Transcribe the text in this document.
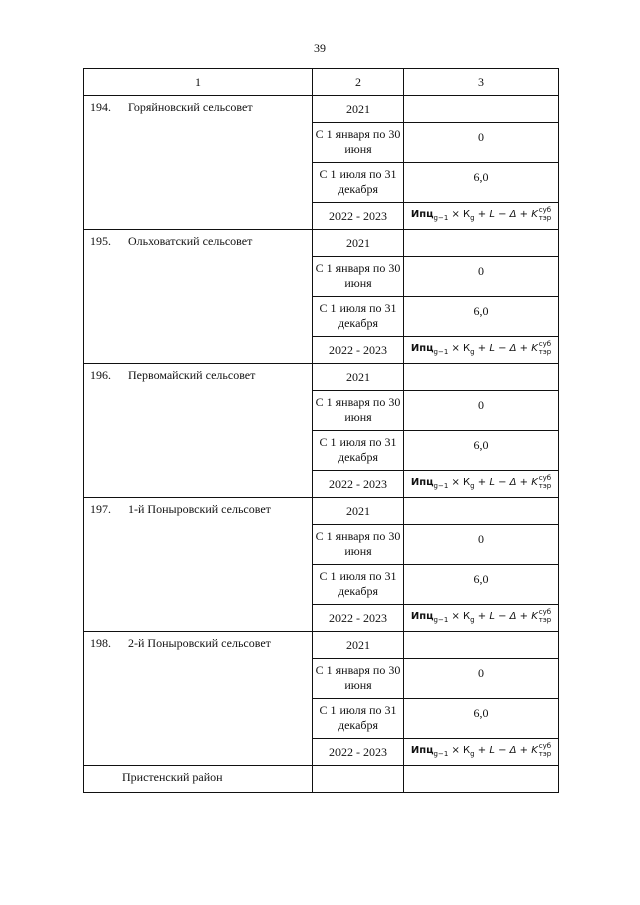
39
1	2	3

194. Горяйновский сельсовет	2021	

	С 1 января по 30 июня	0

	С 1 июля по 31 декабря	6,0

	2022 - 2023	$Ипц_{g-1} \times К_g + L - \Delta + K$ суб
тэр

195. Ольховатский сельсовет	2021	

	С 1 января по 30 июня	0

	С 1 июля по 31 декабря	6,0

	2022 - 2023	$Ипц_{g-1} \times К_g + L - \Delta + K$ суб
тэр

196. Первомайский сельсовет	2021	

	С 1 января по 30 июня	0

	С 1 июля по 31 декабря	6,0

	2022 - 2023	$Ипц_{g-1} \times К_g + L - \Delta + K$ суб
тэр

197. 1-й Поныровский сельсовет	2021	

	С 1 января по 30 июня	0

	С 1 июля по 31 декабря	6,0

	2022 - 2023	$Ипц_{g-1} \times К_g + L - \Delta + K$ суб
тэр

198. 2-й Поныровский сельсовет	2021	

	С 1 января по 30 июня	0

	С 1 июля по 31 декабря	6,0

	2022 - 2023	$Ипц_{g-1} \times К_g + L - \Delta + K$ суб
тэр

Пристенский район		
